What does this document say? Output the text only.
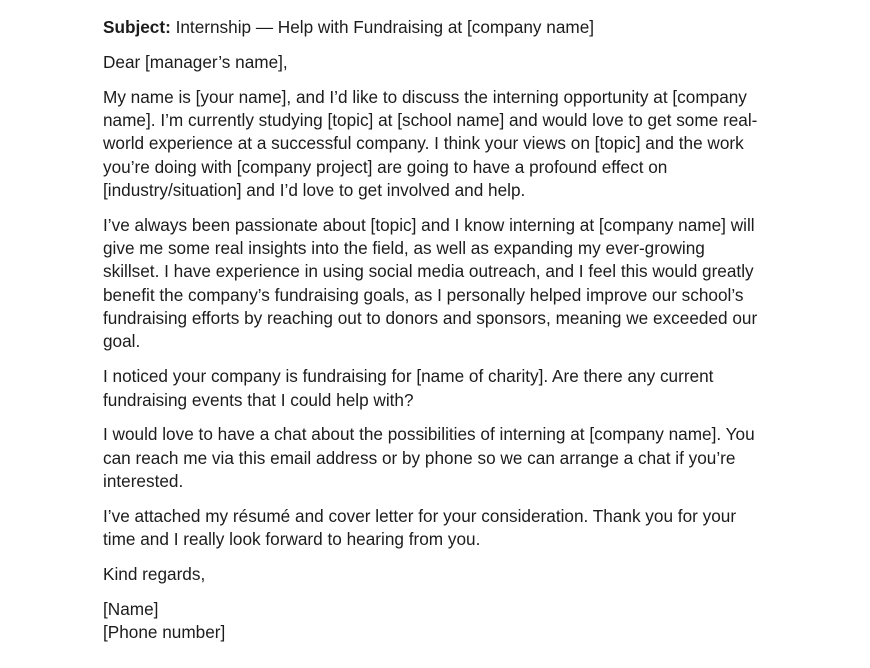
Subject: Internship — Help with Fundraising at [company name]

Dear [manager’s name],

My name is [your name], and I’d like to discuss the interning opportunity at [company name]. I’m currently studying [topic] at [school name] and would love to get some real-world experience at a successful company. I think your views on [topic] and the work you’re doing with [company project] are going to have a profound effect on [industry/situation] and I’d love to get involved and help.

I’ve always been passionate about [topic] and I know interning at [company name] will give me some real insights into the field, as well as expanding my ever-growing skillset. I have experience in using social media outreach, and I feel this would greatly benefit the company’s fundraising goals, as I personally helped improve our school’s fundraising efforts by reaching out to donors and sponsors, meaning we exceeded our goal.

I noticed your company is fundraising for [name of charity]. Are there any current fundraising events that I could help with?

I would love to have a chat about the possibilities of interning at [company name]. You can reach me via this email address or by phone so we can arrange a chat if you’re interested.

I’ve attached my résumé and cover letter for your consideration. Thank you for your time and I really look forward to hearing from you.

Kind regards,

[Name]
[Phone number]
